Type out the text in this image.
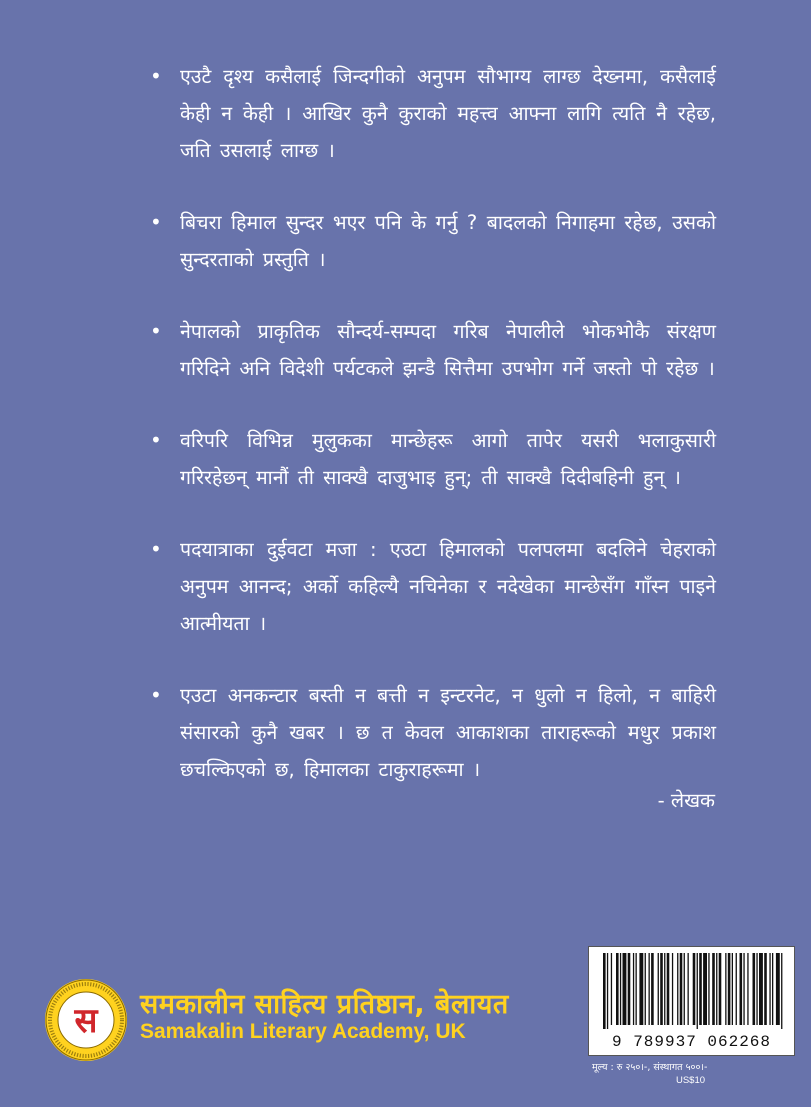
• एउटै दृश्य कसैलाई जिन्दगीको अनुपम सौभाग्य लाग्छ देख्नमा, कसैलाई केही न केही । आखिर कुनै कुराको महत्त्व आफ्ना लागि त्यति नै रहेछ, जति उसलाई लाग्छ ।
• बिचरा हिमाल सुन्दर भएर पनि के गर्नु ? बादलको निगाहमा रहेछ, उसको सुन्दरताको प्रस्तुति ।
• नेपालको प्राकृतिक सौन्दर्य-सम्पदा गरिब नेपालीले भोकभोकै संरक्षण गरिदिने अनि विदेशी पर्यटकले झन्डै सित्तैमा उपभोग गर्ने जस्तो पो रहेछ ।
• वरिपरि विभिन्न मुलुकका मान्छेहरू आगो तापेर यसरी भलाकुसारी गरिरहेछन् मानौं ती साक्खै दाजुभाइ हुन्; ती साक्खै दिदीबहिनी हुन् ।
• पदयात्राका दुईवटा मजा : एउटा हिमालको पलपलमा बदलिने चेहराको अनुपम आनन्द; अर्को कहिल्यै नचिनेका र नदेखेका मान्छेसँग गाँस्न पाइने आत्मीयता ।
• एउटा अनकन्टार बस्ती न बत्ती न इन्टरनेट, न धुलो न हिलो, न बाहिरी संसारको कुनै खबर । छ त केवल आकाशका ताराहरूको मधुर प्रकाश छचल्किएको छ, हिमालका टाकुराहरूमा ।
- लेखक
स समकालीन साहित्य प्रतिष्ठान, बेलायत
Samakalin Literary Academy, UK	9 789937 062268
मूल्य : रु २५०।-, संस्थागत ५००।-
US$10
